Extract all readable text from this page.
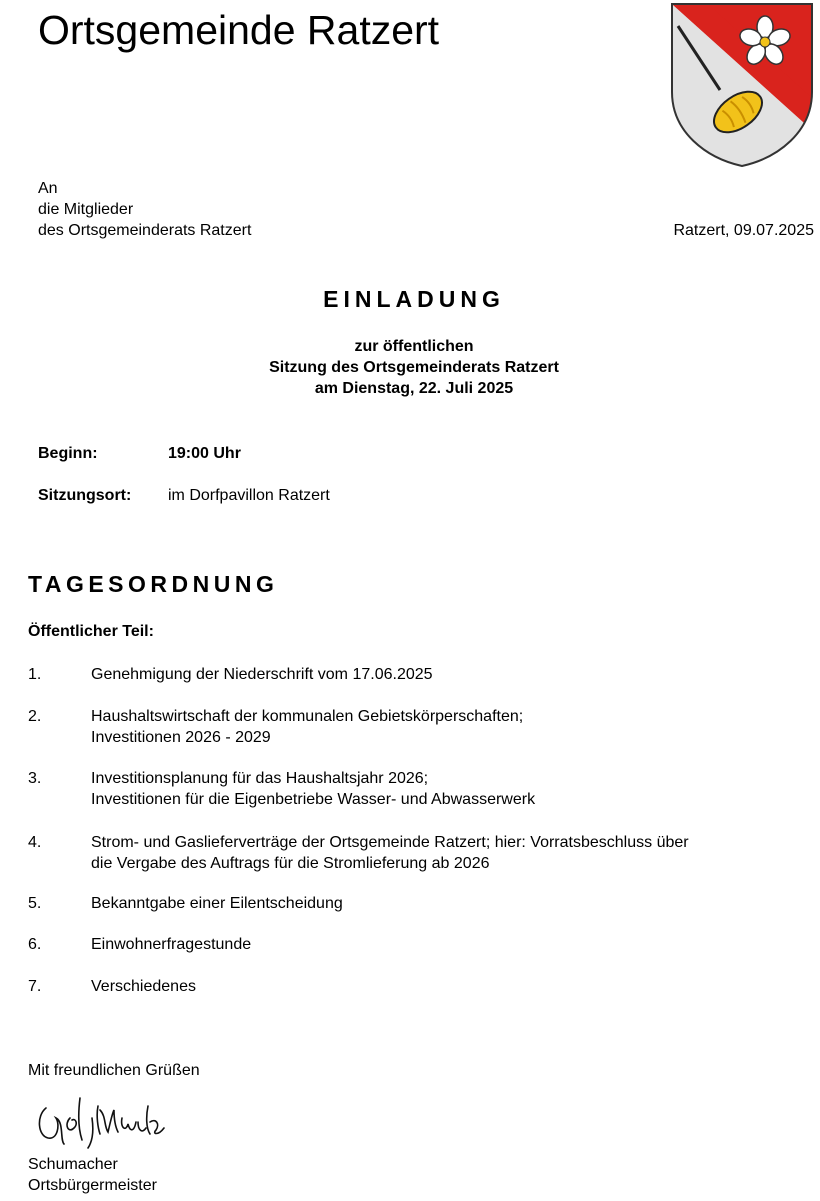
Ortsgemeinde Ratzert
An
die Mitglieder
des Ortsgemeinderats Ratzert	Ratzert, 09.07.2025
EINLADUNG
zur öffentlichen
Sitzung des Ortsgemeinderats Ratzert
am Dienstag, 22. Juli 2025
Beginn:	19:00 Uhr
Sitzungsort: im Dorfpavillon Ratzert
TAGESORDNUNG
Öffentlicher Teil:
1.	Genehmigung der Niederschrift vom 17.06.2025
2.	Haushaltswirtschaft der kommunalen Gebietskörperschaften;
Investitionen 2026 - 2029
3.	Investitionsplanung für das Haushaltsjahr 2026;
Investitionen für die Eigenbetriebe Wasser- und Abwasserwerk
4.	Strom- und Gaslieferverträge der Ortsgemeinde Ratzert; hier: Vorratsbeschluss über
die Vergabe des Auftrags für die Stromlieferung ab 2026
5.	Bekanntgabe einer Eilentscheidung
6.	Einwohnerfragestunde
7.	Verschiedenes
Mit freundlichen Grüßen
Schumacher
Ortsbürgermeister
